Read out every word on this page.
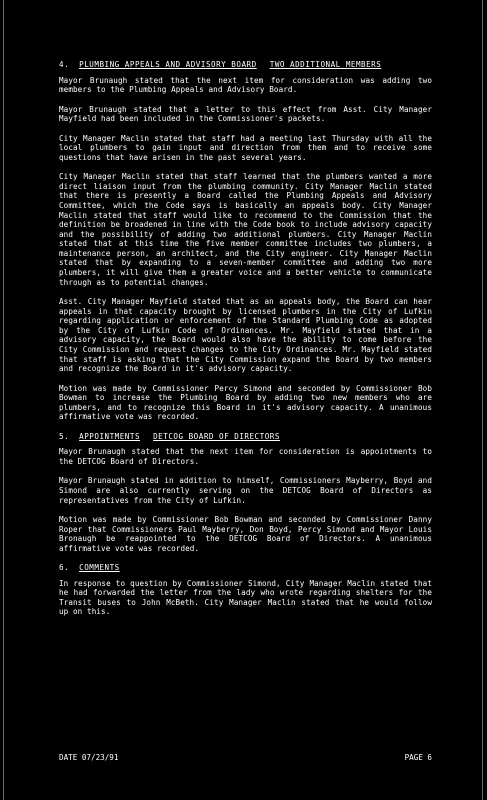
4. PLUMBING APPEALS AND ADVISORY BOARD TWO ADDITIONAL MEMBERS

Mayor Brunaugh stated that the next item for consideration was adding two members to the Plumbing Appeals and Advisory Board.

Mayor Brunaugh stated that a letter to this effect from Asst. City Manager Mayfield had been included in the Commissioner's packets.

City Manager Maclin stated that staff had a meeting last Thursday with all the local plumbers to gain input and direction from them and to receive some questions that have arisen in the past several years.

City Manager Maclin stated that staff learned that the plumbers wanted a more direct liaison input from the plumbing community. City Manager Maclin stated that there is presently a Board called the Plumbing Appeals and Advisory Committee, which the Code says is basically an appeals body. City Manager Maclin stated that staff would like to recommend to the Commission that the definition be broadened in line with the Code book to include advisory capacity and the possibility of adding two additional plumbers. City Manager Maclin stated that at this time the five member committee includes two plumbers, a maintenance person, an architect, and the City engineer. City Manager Maclin stated that by expanding to a seven-member committee and adding two more plumbers, it will give them a greater voice and a better vehicle to communicate through as to potential changes.

Asst. City Manager Mayfield stated that as an appeals body, the Board can hear appeals in that capacity brought by licensed plumbers in the City of Lufkin regarding application or enforcement of the Standard Plumbing Code as adopted by the City of Lufkin Code of Ordinances. Mr. Mayfield stated that in a advisory capacity, the Board would also have the ability to come before the City Commission and request changes to the City Ordinances. Mr. Mayfield stated that staff is asking that the City Commission expand the Board by two members and recognize the Board in it's advisory capacity.

Motion was made by Commissioner Percy Simond and seconded by Commissioner Bob Bowman to increase the Plumbing Board by adding two new members who are plumbers, and to recognize this Board in it's advisory capacity. A unanimous affirmative vote was recorded.

5. APPOINTMENTS DETCOG BOARD OF DIRECTORS

Mayor Brunaugh stated that the next item for consideration is appointments to the DETCOG Board of Directors.

Mayor Brunaugh stated in addition to himself, Commissioners Mayberry, Boyd and Simond are also currently serving on the DETCOG Board of Directors as representatives from the City of Lufkin.

Motion was made by Commissioner Bob Bowman and seconded by Commissioner Danny Roper that Commissioners Paul Mayberry, Don Boyd, Percy Simond and Mayor Louis Bronaugh be reappointed to the DETCOG Board of Directors. A unanimous affirmative vote was recorded.

6. COMMENTS

In response to question by Commissioner Simond, City Manager Maclin stated that he had forwarded the letter from the lady who wrote regarding shelters for the Transit buses to John McBeth. City Manager Maclin stated that he would follow up on this.

DATE 07/23/91	PAGE 6
